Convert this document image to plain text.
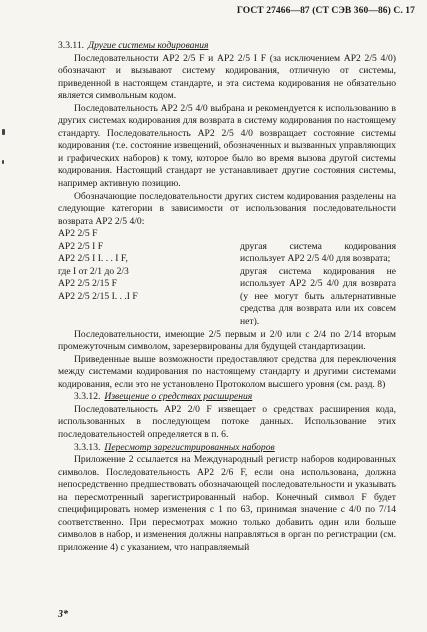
ГОСТ 27466—87 (СТ СЭВ 360—86) С. 17

3.3.11. Другие системы кодирования

Последовательности АР2 2/5 F и АР2 2/5 I F (за исключением АР2 2/5 4/0) обозначают и вызывают систему кодирования, отличную от системы, приведенной в настоящем стандарте, и эта система кодирования не обязательно является символьным кодом.

Последовательность АР2 2/5 4/0 выбрана и рекомендуется к использованию в других системах кодирования для возврата в систему кодирования по настоящему стандарту. Последовательность АР2 2/5 4/0 возвращает состояние системы кодирования (т.е. состояние извещений, обозначенных и вызванных управляющих и графических наборов) к тому, которое было во время вызова другой системы кодирования. Настоящий стандарт не устанавливает другие состояния системы, например активную позицию.

Обозначающие последовательности других систем кодирования разделены на следующие категории в зависимости от использования последовательности возврата АР2 2/5 4/0:

АР2 2/5 F
АР2 2/5 I F
АР2 2/5 I I. . . I F,
где I от 2/1 до 2/3
АР2 2/5 2/15 F
АР2 2/5 2/15 I. . .I F
другая система кодирования использует АР2 2/5 4/0 для возврата;
другая система кодирования не использует АР2 2/5 4/0 для возврата (у нее могут быть альтернативные средства для возврата или их совсем нет).

Последовательности, имеющие 2/5 первым и 2/0 или с 2/4 по 2/14 вторым промежуточным символом, зарезервированы для будущей стандартизации.

Приведенные выше возможности предоставляют средства для переключения между системами кодирования по настоящему стандарту и другими системами кодирования, если это не установлено Протоколом высшего уровня (см. разд. 8)

3.3.12. Извещение о средствах расширения

Последовательность АР2 2/0 F извещает о средствах расширения кода, использованных в последующем потоке данных. Использование этих последовательностей определяется в п. 6.

3.3.13. Пересмотр зарегистрированных наборов

Приложение 2 ссылается на Международный регистр наборов кодированных символов. Последовательность АР2 2/6 F, если она использована, должна непосредственно предшествовать обозначающей последовательности и указывать на пересмотренный зарегистрированный набор. Конечный символ F будет специфицировать номер изменения с 1 по 63, принимая значение с 4/0 по 7/14 соответственно. При пересмотрах можно только добавить один или больше символов в набор, и изменения должны направляться в орган по регистрации (см. приложение 4) с указанием, что направляемый

3*
